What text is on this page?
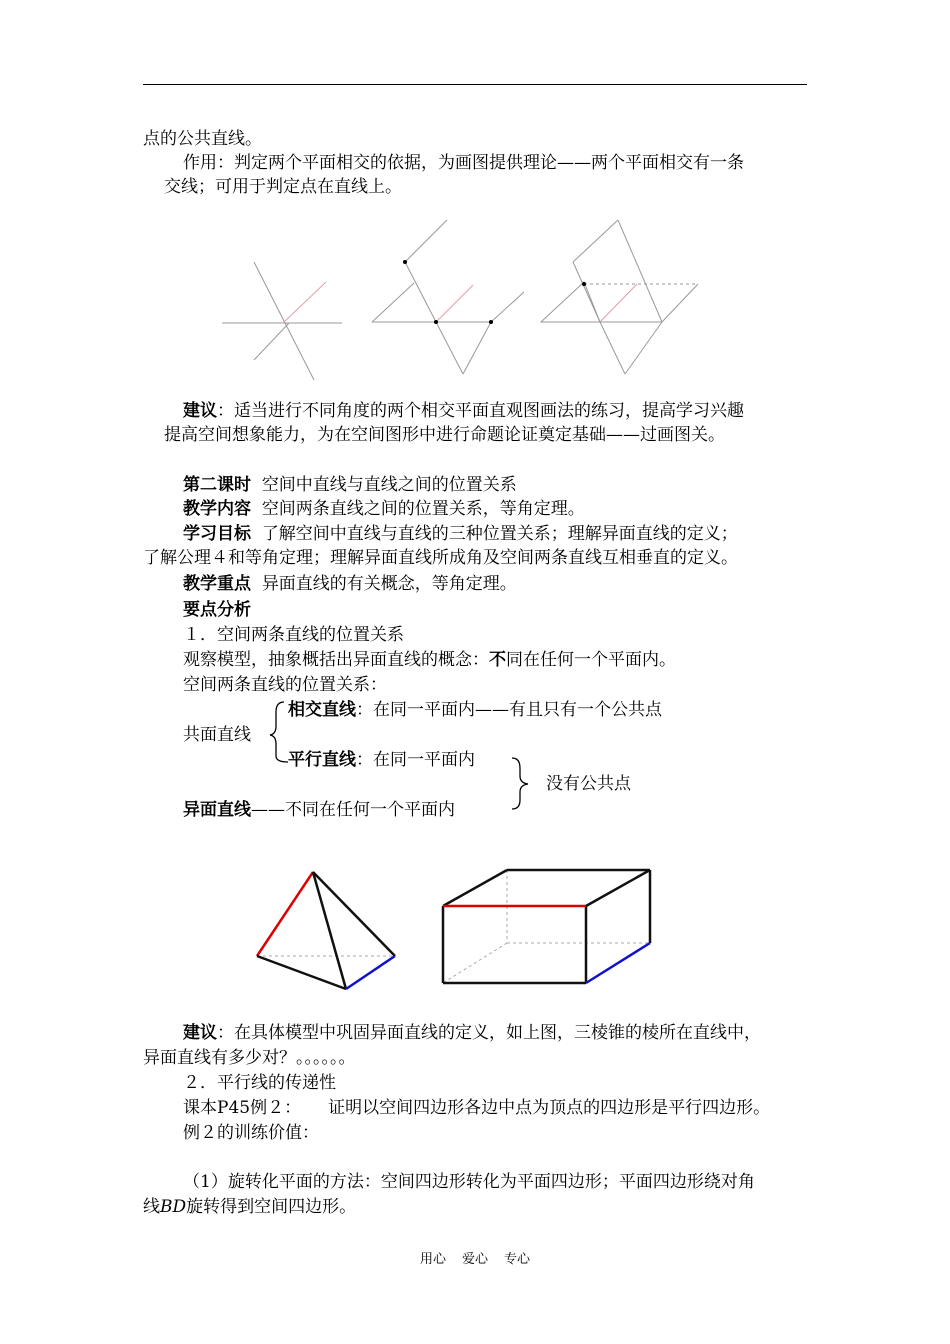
点的公共直线。
作用：判定两个平面相交的依据，为画图提供理论——两个平面相交有一条
交线；可用于判定点在直线上。
建议：适当进行不同角度的两个相交平面直观图画法的练习，提高学习兴趣
提高空间想象能力，为在空间图形中进行命题论证奠定基础——过画图关。
第二课时 空间中直线与直线之间的位置关系
教学内容 空间两条直线之间的位置关系，等角定理。
学习目标 了解空间中直线与直线的三种位置关系；理解异面直线的定义；
了解公理４和等角定理；理解异面直线所成角及空间两条直线互相垂直的定义。
教学重点 异面直线的有关概念，等角定理。
要点分析
１．空间两条直线的位置关系
观察模型，抽象概括出异面直线的概念：不同在任何一个平面内。
空间两条直线的位置关系：
相交直线：在同一平面内——有且只有一个公共点
共面直线
平行直线：在同一平面内
没有公共点
异面直线——不同在任何一个平面内
建议：在具体模型中巩固异面直线的定义，如上图，三棱锥的棱所在直线中，
异面直线有多少对？。。。。。。
２．平行线的传递性
课本P45例２： 证明以空间四边形各边中点为顶点的四边形是平行四边形。
例２的训练价值：
（1）旋转化平面的方法：空间四边形转化为平面四边形；平面四边形绕对角
线BD旋转得到空间四边形。
用心 爱心 专心
